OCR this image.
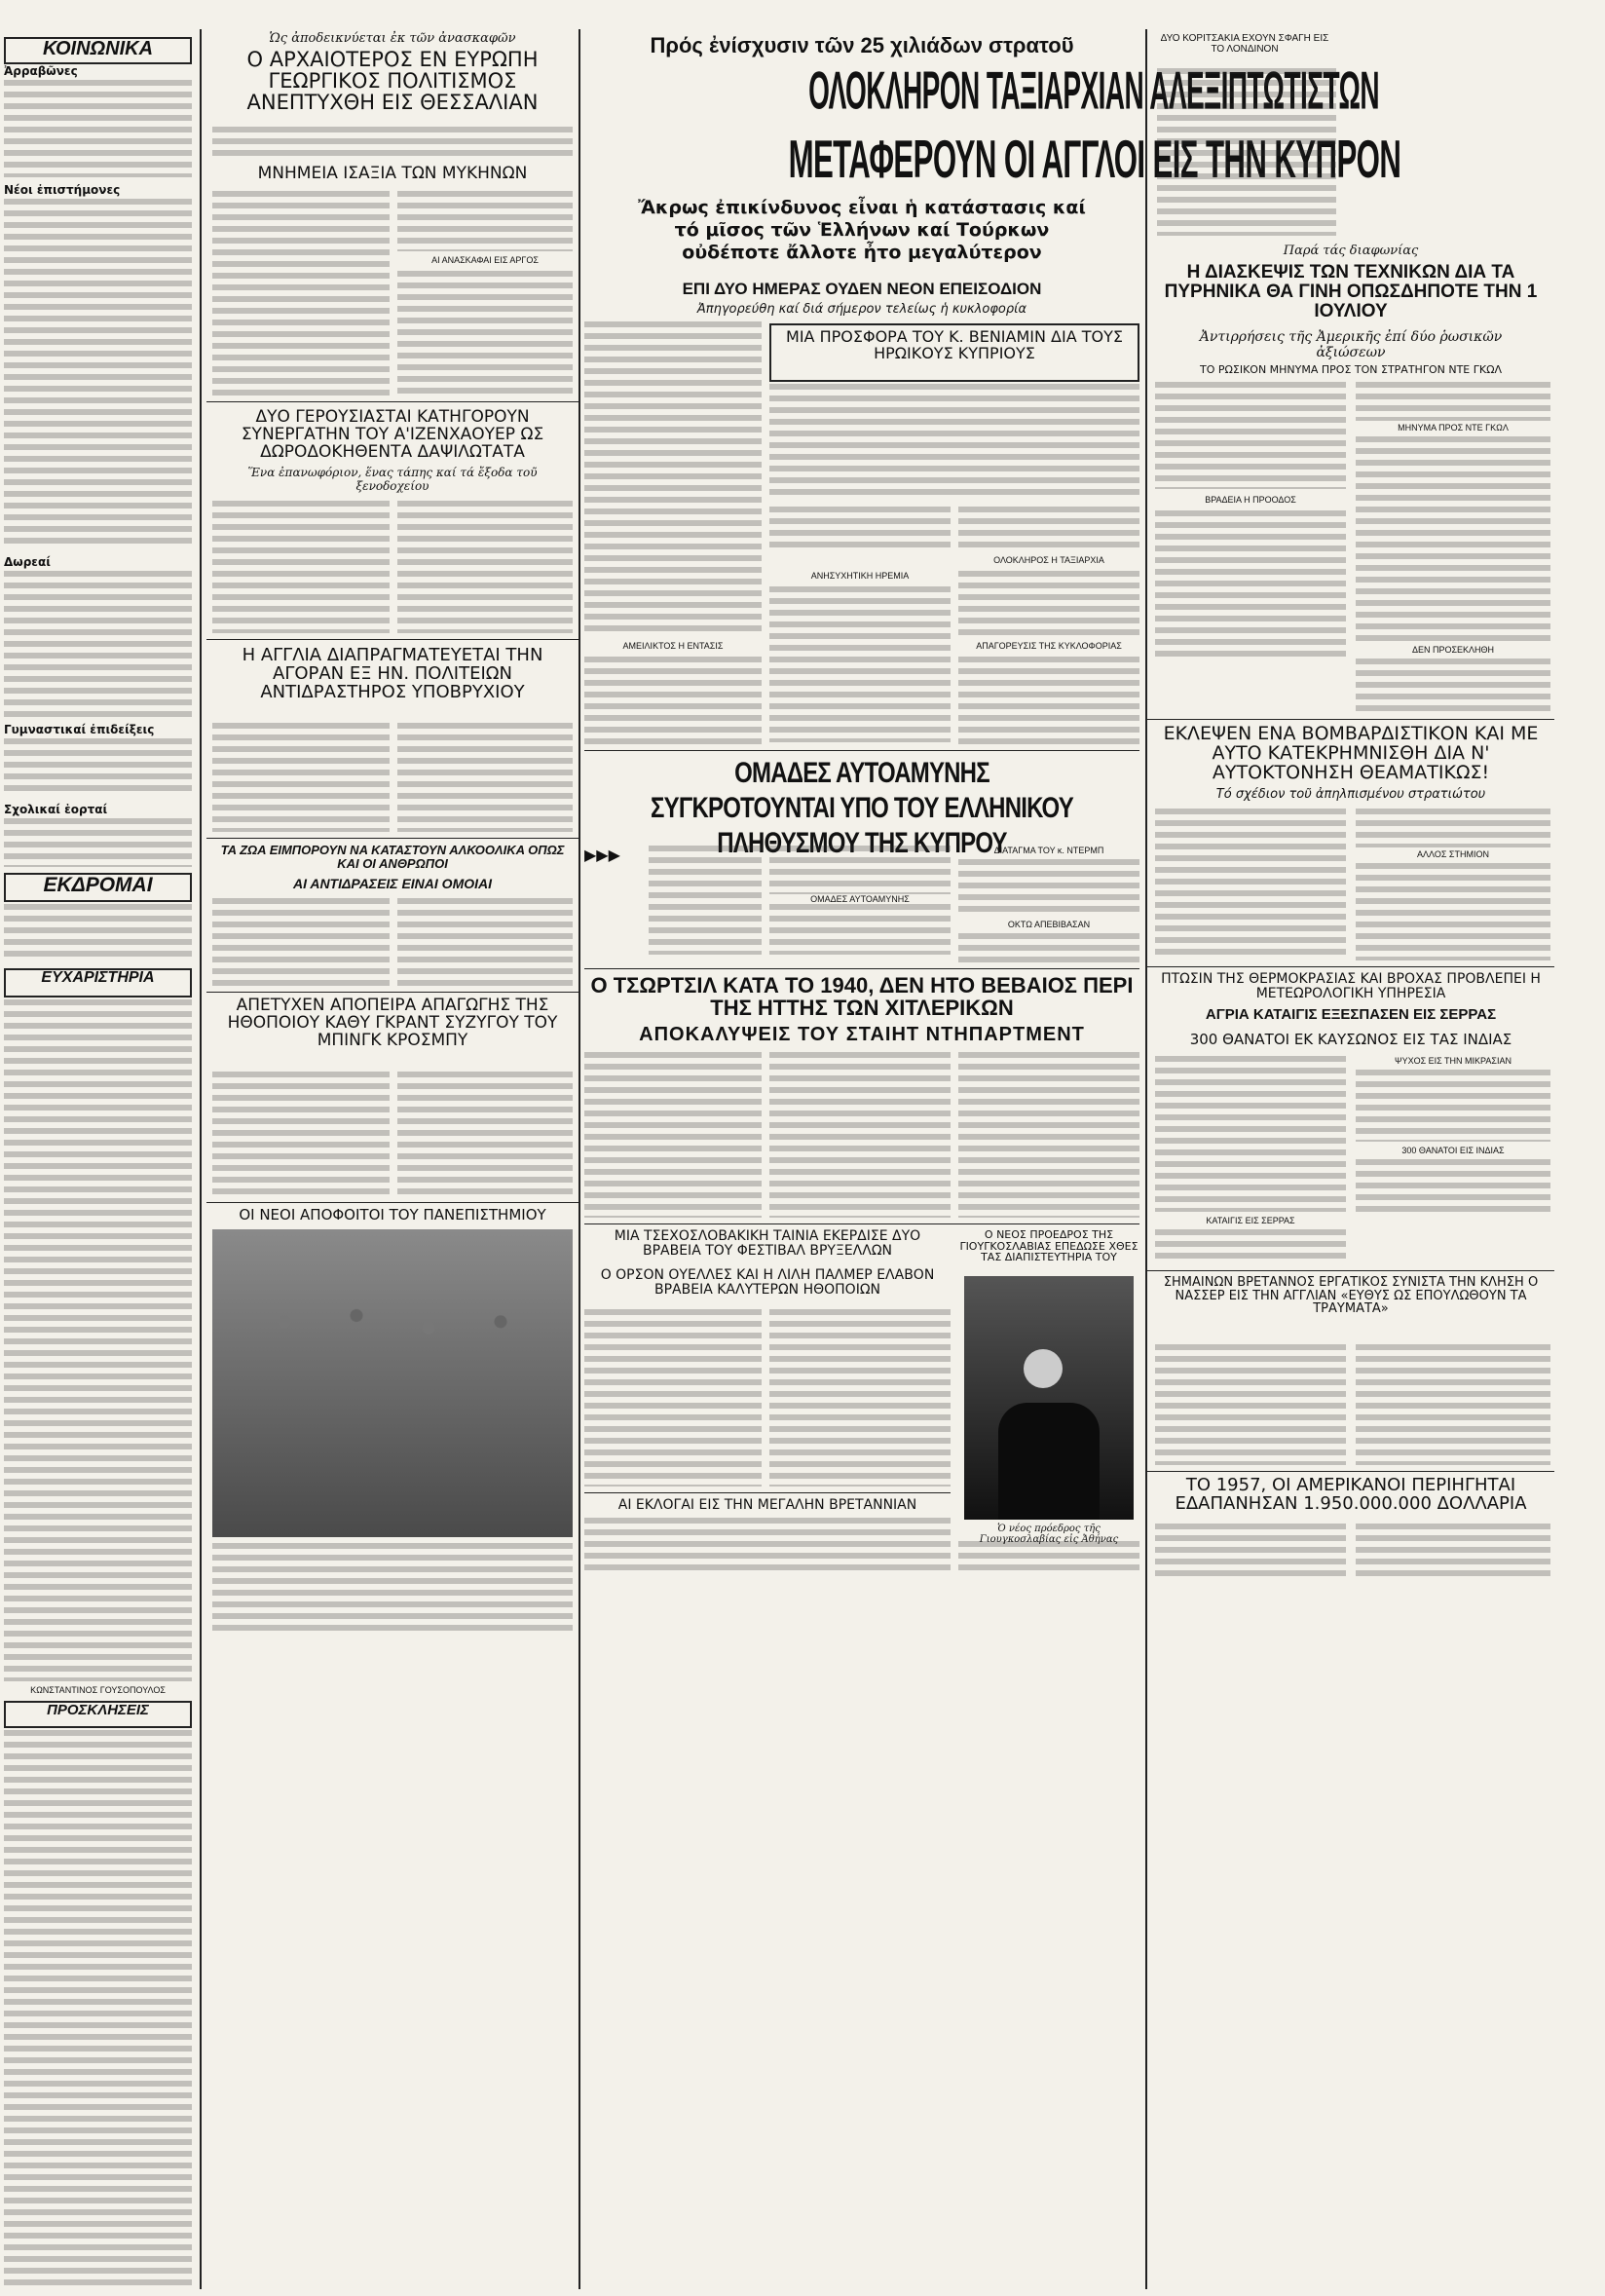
ΚΟΙΝΩΝΙΚΑ
Ἀρραβῶνες
Νέοι ἐπιστήμονες
Δωρεαί
Γυμναστικαί ἐπιδείξεις
Σχολικαί ἑορταί
ΕΚΔΡΟΜΑΙ
ΕΥΧΑΡΙΣΤΗΡΙΑ
ΚΩΝΣΤΑΝΤΙΝΟΣ ΓΟΥΣΟΠΟΥΛΟΣ
ΠΡΟΣΚΛΗΣΕΙΣ
Ὡς ἀποδεικνύεται ἐκ τῶν ἀνασκαφῶν
Ο ΑΡΧΑΙΟΤΕΡΟΣ ΕΝ ΕΥΡΩΠΗ ΓΕΩΡΓΙΚΟΣ ΠΟΛΙΤΙΣΜΟΣ ΑΝΕΠΤΥΧΘΗ ΕΙΣ ΘΕΣΣΑΛΙΑΝ
ΜΝΗΜΕΙΑ ΙΣΑΞΙΑ ΤΩΝ ΜΥΚΗΝΩΝ
ΑΙ ΑΝΑΣΚΑΦΑΙ ΕΙΣ ΑΡΓΟΣ
ΔΥΟ ΓΕΡΟΥΣΙΑΣΤΑΙ ΚΑΤΗΓΟΡΟΥΝ ΣΥΝΕΡΓΑΤΗΝ ΤΟΥ Α'ΙΖΕΝΧΑΟΥΕΡ ΩΣ ΔΩΡΟΔΟΚΗΘΕΝΤΑ ΔΑΨΙΛΩΤΑΤΑ
Ἕνα ἐπανωφόριον, ἕνας τάπης καί τά ἔξοδα τοῦ ξενοδοχείου
Η ΑΓΓΛΙΑ ΔΙΑΠΡΑΓΜΑΤΕΥΕΤΑΙ ΤΗΝ ΑΓΟΡΑΝ ΕΞ ΗΝ. ΠΟΛΙΤΕΙΩΝ ΑΝΤΙΔΡΑΣΤΗΡΟΣ ΥΠΟΒΡΥΧΙΟΥ
ΤΑ ΖΩΑ ΕΙΜΠΟΡΟΥΝ ΝΑ ΚΑΤΑΣΤΟΥΝ ΑΛΚΟΟΛΙΚΑ ΟΠΩΣ ΚΑΙ ΟΙ ΑΝΘΡΩΠΟΙ
ΑΙ ΑΝΤΙΔΡΑΣΕΙΣ ΕΙΝΑΙ ΟΜΟΙΑΙ
ΑΠΕΤΥΧΕΝ ΑΠΟΠΕΙΡΑ ΑΠΑΓΩΓΗΣ ΤΗΣ ΗΘΟΠΟΙΟΥ ΚΑΘΥ ΓΚΡΑΝΤ ΣΥΖΥΓΟΥ ΤΟΥ ΜΠΙΝΓΚ ΚΡΟΣΜΠΥ
ΟΙ ΝΕΟΙ ΑΠΟΦΟΙΤΟΙ ΤΟΥ ΠΑΝΕΠΙΣΤΗΜΙΟΥ
Πρός ἐνίσχυσιν τῶν 25 χιλιάδων στρατοῦ
ΟΛΟΚΛΗΡΟΝ ΤΑΞΙΑΡΧΙΑΝ ΑΛΕΞΙΠΤΩΤΙΣΤΩΝ
ΜΕΤΑΦΕΡΟΥΝ ΟΙ ΑΓΓΛΟΙ ΕΙΣ ΤΗΝ ΚΥΠΡΟΝ
Ἄκρως ἐπικίνδυνος εἶναι ἡ κατάστασις καί τό μῖσος τῶν Ἑλλήνων καί Τούρκων οὐδέποτε ἄλλοτε ἦτο μεγαλύτερον
ΕΠΙ ΔΥΟ ΗΜΕΡΑΣ ΟΥΔΕΝ ΝΕΟΝ ΕΠΕΙΣΟΔΙΟΝ
Ἀπηγορεύθη καί διά σήμερον τελείως ἡ κυκλοφορία
ΜΙΑ ΠΡΟΣΦΟΡΑ ΤΟΥ Κ. ΒΕΝΙΑΜΙΝ ΔΙΑ ΤΟΥΣ ΗΡΩΙΚΟΥΣ ΚΥΠΡΙΟΥΣ
ΟΛΟΚΛΗΡΟΣ Η ΤΑΞΙΑΡΧΙΑ
ΑΝΗΣΥΧΗΤΙΚΗ ΗΡΕΜΙΑ
ΑΠΑΓΟΡΕΥΣΙΣ ΤΗΣ ΚΥΚΛΟΦΟΡΙΑΣ
ΑΜΕΙΛΙΚΤΟΣ Η ΕΝΤΑΣΙΣ
ΟΜΑΔΕΣ ΑΥΤΟΑΜΥΝΗΣ ΣΥΓΚΡΟΤΟΥΝΤΑΙ ΥΠΟ ΤΟΥ ΕΛΛΗΝΙΚΟΥ ΠΛΗΘΥΣΜΟΥ ΤΗΣ ΚΥΠΡΟΥ
▶▶▶	ΔΙΑΤΑΓΜΑ ΤΟΥ κ. ΝΤΕΡΜΠ
ΟΜΑΔΕΣ ΑΥΤΟΑΜΥΝΗΣ
ΟΚΤΩ ΑΠΕΒΙΒΑΣΑΝ
Ο ΤΣΩΡΤΣΙΛ ΚΑΤΑ ΤΟ 1940, ΔΕΝ ΗΤΟ ΒΕΒΑΙΟΣ ΠΕΡΙ ΤΗΣ ΗΤΤΗΣ ΤΩΝ ΧΙΤΛΕΡΙΚΩΝ
ΑΠΟΚΑΛΥΨΕΙΣ ΤΟΥ ΣΤΑΙΗΤ ΝΤΗΠΑΡΤΜΕΝΤ
ΜΙΑ ΤΣΕΧΟΣΛΟΒΑΚΙΚΗ ΤΑΙΝΙΑ ΕΚΕΡΔΙΣΕ ΔΥΟ ΒΡΑΒΕΙΑ ΤΟΥ ΦΕΣΤΙΒΑΛ ΒΡΥΞΕΛΛΩΝ
Ο ΟΡΣΟΝ ΟΥΕΛΛΕΣ ΚΑΙ Η ΛΙΛΗ ΠΑΛΜΕΡ ΕΛΑΒΟΝ ΒΡΑΒΕΙΑ ΚΑΛΥΤΕΡΩΝ ΗΘΟΠΟΙΩΝ
ΑΙ ΕΚΛΟΓΑΙ ΕΙΣ ΤΗΝ ΜΕΓΑΛΗΝ ΒΡΕΤΑΝΝΙΑΝ
Ο ΝΕΟΣ ΠΡΟΕΔΡΟΣ ΤΗΣ ΓΙΟΥΓΚΟΣΛΑΒΙΑΣ ΕΠΕΔΩΣΕ ΧΘΕΣ ΤΑΣ ΔΙΑΠΙΣΤΕΥΤΗΡΙΑ ΤΟΥ
Ὁ νέος πρόεδρος τῆς Γιουγκοσλαβίας εἰς Ἀθήνας
ΔΥΟ ΚΟΡΙΤΣΑΚΙΑ ΕΧΟΥΝ ΣΦΑΓΗ ΕΙΣ ΤΟ ΛΟΝΔΙΝΟΝ
Παρά τάς διαφωνίας
Η ΔΙΑΣΚΕΨΙΣ ΤΩΝ ΤΕΧΝΙΚΩΝ ΔΙΑ ΤΑ ΠΥΡΗΝΙΚΑ ΘΑ ΓΙΝΗ ΟΠΩΣΔΗΠΟΤΕ ΤΗΝ 1 ΙΟΥΛΙΟΥ
Ἀντιρρήσεις τῆς Ἀμερικῆς ἐπί δύο ῥωσικῶν ἀξιώσεων
ΤΟ ΡΩΣΙΚΟΝ ΜΗΝΥΜΑ ΠΡΟΣ ΤΟΝ ΣΤΡΑΤΗΓΟΝ ΝΤΕ ΓΚΩΛ
ΜΗΝΥΜΑ ΠΡΟΣ ΝΤΕ ΓΚΩΛ
ΒΡΑΔΕΙΑ Η ΠΡΟΟΔΟΣ
ΔΕΝ ΠΡΟΣΕΚΛΗΘΗ
ΕΚΛΕΨΕΝ ΕΝΑ ΒΟΜΒΑΡΔΙΣΤΙΚΟΝ ΚΑΙ ΜΕ ΑΥΤΟ ΚΑΤΕΚΡΗΜΝΙΣΘΗ ΔΙΑ Ν' ΑΥΤΟΚΤΟΝΗΣΗ ΘΕΑΜΑΤΙΚΩΣ!
Τό σχέδιον τοῦ ἀπηλπισμένου στρατιώτου
ΑΛΛΟΣ ΣΤΗΜΙΟΝ
ΠΤΩΣΙΝ ΤΗΣ ΘΕΡΜΟΚΡΑΣΙΑΣ ΚΑΙ ΒΡΟΧΑΣ ΠΡΟΒΛΕΠΕΙ Η ΜΕΤΕΩΡΟΛΟΓΙΚΗ ΥΠΗΡΕΣΙΑ
ΑΓΡΙΑ ΚΑΤΑΙΓΙΣ ΕΞΕΣΠΑΣΕΝ ΕΙΣ ΣΕΡΡΑΣ
300 ΘΑΝΑΤΟΙ ΕΚ ΚΑΥΣΩΝΟΣ ΕΙΣ ΤΑΣ ΙΝΔΙΑΣ
ΨΥΧΟΣ ΕΙΣ ΤΗΝ ΜΙΚΡΑΣΙΑΝ
300 ΘΑΝΑΤΟΙ ΕΙΣ ΙΝΔΙΑΣ
ΚΑΤΑΙΓΙΣ ΕΙΣ ΣΕΡΡΑΣ
ΣΗΜΑΙΝΩΝ ΒΡΕΤΑΝΝΟΣ ΕΡΓΑΤΙΚΟΣ ΣΥΝΙΣΤΑ ΤΗΝ ΚΛΗΣΗ Ο ΝΑΣΣΕΡ ΕΙΣ ΤΗΝ ΑΓΓΛΙΑΝ «ΕΥΘΥΣ ΩΣ ΕΠΟΥΛΩΘΟΥΝ ΤΑ ΤΡΑΥΜΑΤΑ»
ΤΟ 1957, ΟΙ ΑΜΕΡΙΚΑΝΟΙ ΠΕΡΙΗΓΗΤΑΙ ΕΔΑΠΑΝΗΣΑΝ 1.950.000.000 ΔΟΛΛΑΡΙΑ
